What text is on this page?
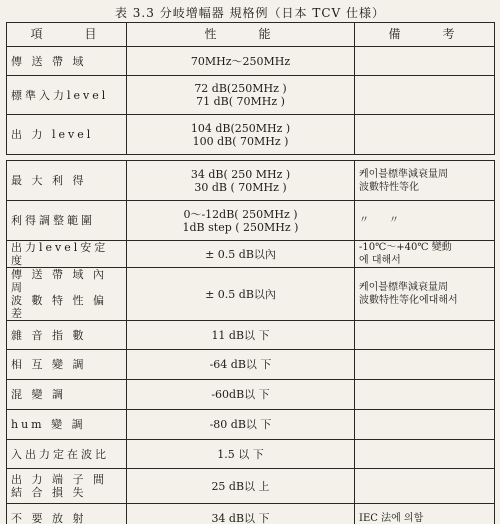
表 3.3 分岐增幅器 規格例（日本 TCV 仕様）
項　　目	性　　能	備　　考

傳 送 帶 域	70MHz～250MHz	

標準入力level	72 dB(250MHz )
71 dB( 70MHz )	

出 力 level	104 dB(250MHz )
100 dB( 70MHz )	

最 大 利 得	34 dB( 250 MHz )
30 dB ( 70MHz )	케이블標準減衰量周
波數特性等化

利得調整範圍	0～-12dB( 250MHz )
1dB step ( 250MHz )	〃　　〃

出力level安定度	± 0.5 dB以內	-10℃～+40℃ 變動
에 대해서

傳 送 帶 域 內 周
波 數 特 性 偏 差	± 0.5 dB以內	케이블標準減衰量周
波數特性等化에대해서

雜 音 指 數	11 dB以 下	

相 互 變 調	-64 dB以 下	

混 變 調	-60dB以 下	

hum 變 調	-80 dB以 下	

入出力定在波比	1.5 以 下	

出 力 端 子 間
結 合 損 失	25 dB以 上	

不 要 放 射	34 dB以 下	IEC 法에 의함
